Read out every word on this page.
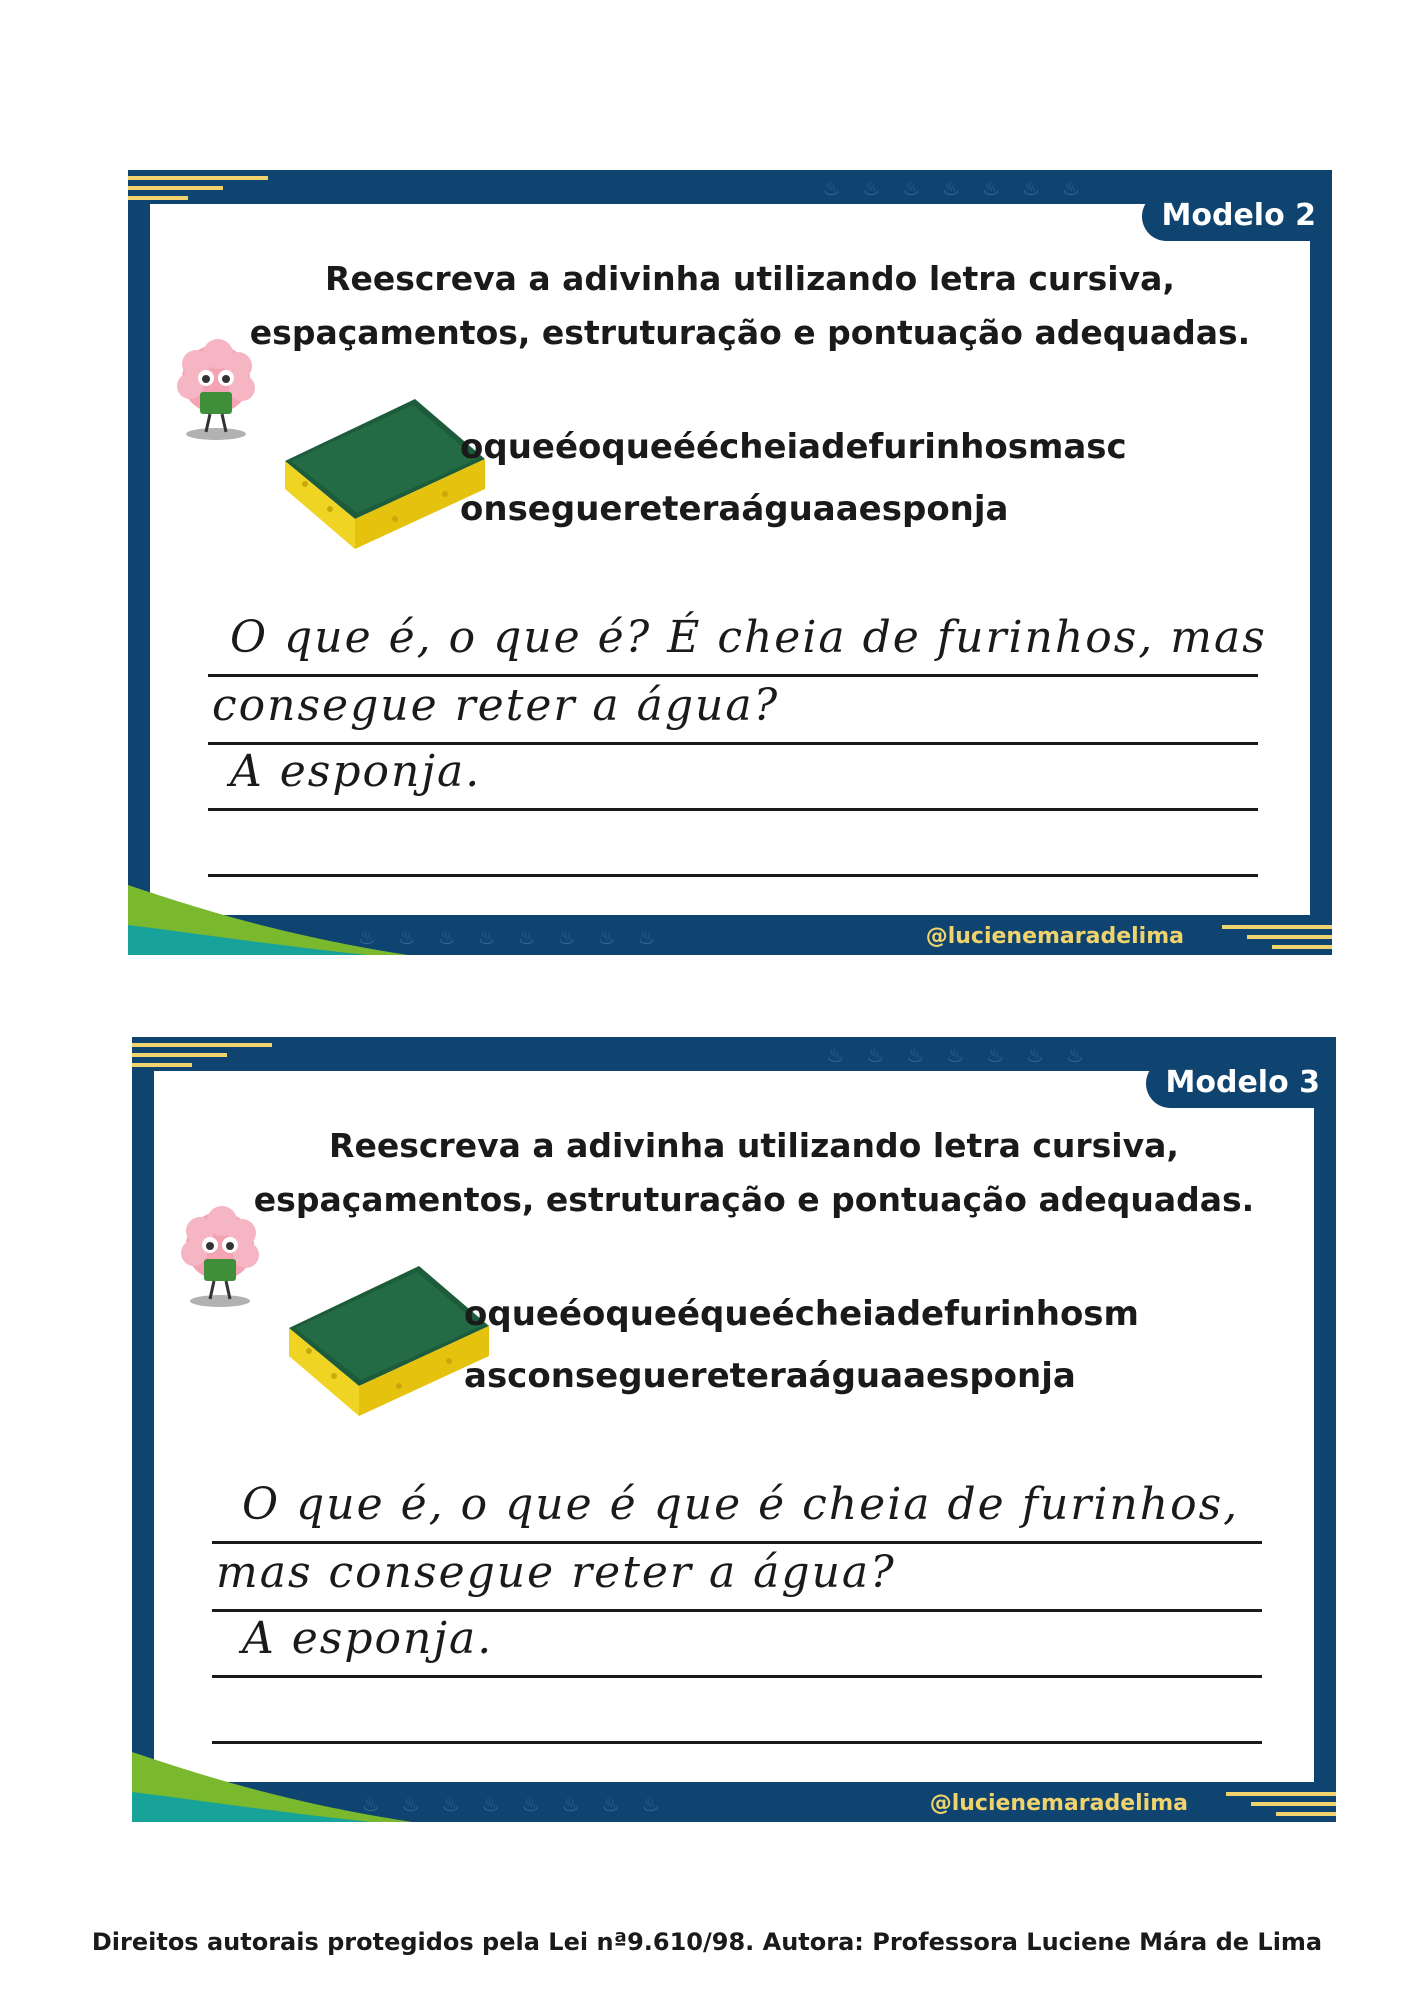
♨♨♨♨♨♨♨
♨♨♨♨♨♨♨♨

Reescreva a adivinha utilizando letra cursiva,
espaçamentos, estruturação e pontuação adequadas.

oqueéoqueéécheiadefurinhosmasc
onseguereteraáguaaesponja
O que é, o que é? É cheia de furinhos, mas
consegue reter a água?
A esponja.
Modelo 2
@lucienemaradelima
♨♨♨♨♨♨♨
♨♨♨♨♨♨♨♨

Reescreva a adivinha utilizando letra cursiva,
espaçamentos, estruturação e pontuação adequadas.

oqueéoqueéqueécheiadefurinhosm
asconseguereteraáguaaesponja
O que é, o que é que é cheia de furinhos,
mas consegue reter a água?
A esponja.
Modelo 3
@lucienemaradelima
Direitos autorais protegidos pela Lei nª9.610/98. Autora: Professora Luciene Mára de Lima
